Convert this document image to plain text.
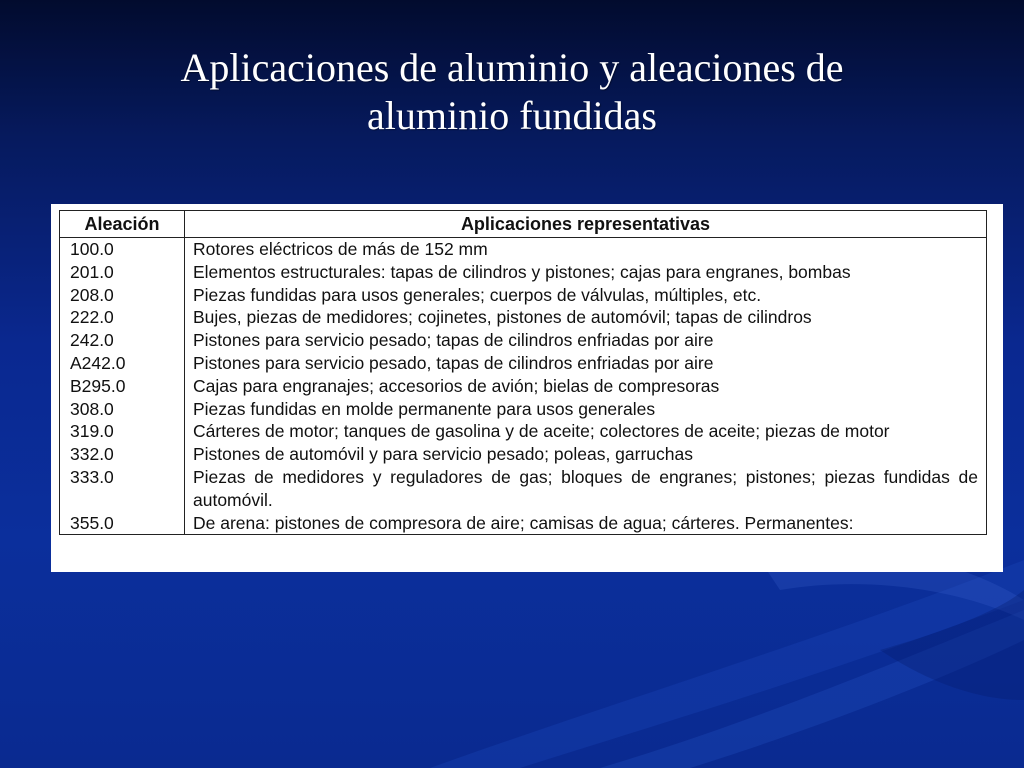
Aplicaciones de aluminio y aleaciones de
aluminio fundidas
Aleación	Aplicaciones representativas
100.0	Rotores eléctricos de más de 152 mm
201.0	Elementos estructurales: tapas de cilindros y pistones; cajas para engranes, bombas
208.0	Piezas fundidas para usos generales; cuerpos de válvulas, múltiples, etc.
222.0	Bujes, piezas de medidores; cojinetes, pistones de automóvil; tapas de cilindros
242.0	Pistones para servicio pesado; tapas de cilindros enfriadas por aire
A242.0	Pistones para servicio pesado, tapas de cilindros enfriadas por aire
B295.0	Cajas para engranajes; accesorios de avión; bielas de compresoras
308.0	Piezas fundidas en molde permanente para usos generales
319.0	Cárteres de motor; tanques de gasolina y de aceite; colectores de aceite; piezas de motor
332.0	Pistones de automóvil y para servicio pesado; poleas, garruchas
333.0	Piezas de medidores y reguladores de gas; bloques de engranes; pistones; piezas fundidas de automóvil.
355.0	De arena: pistones de compresora de aire; camisas de agua; cárteres. Permanentes:
